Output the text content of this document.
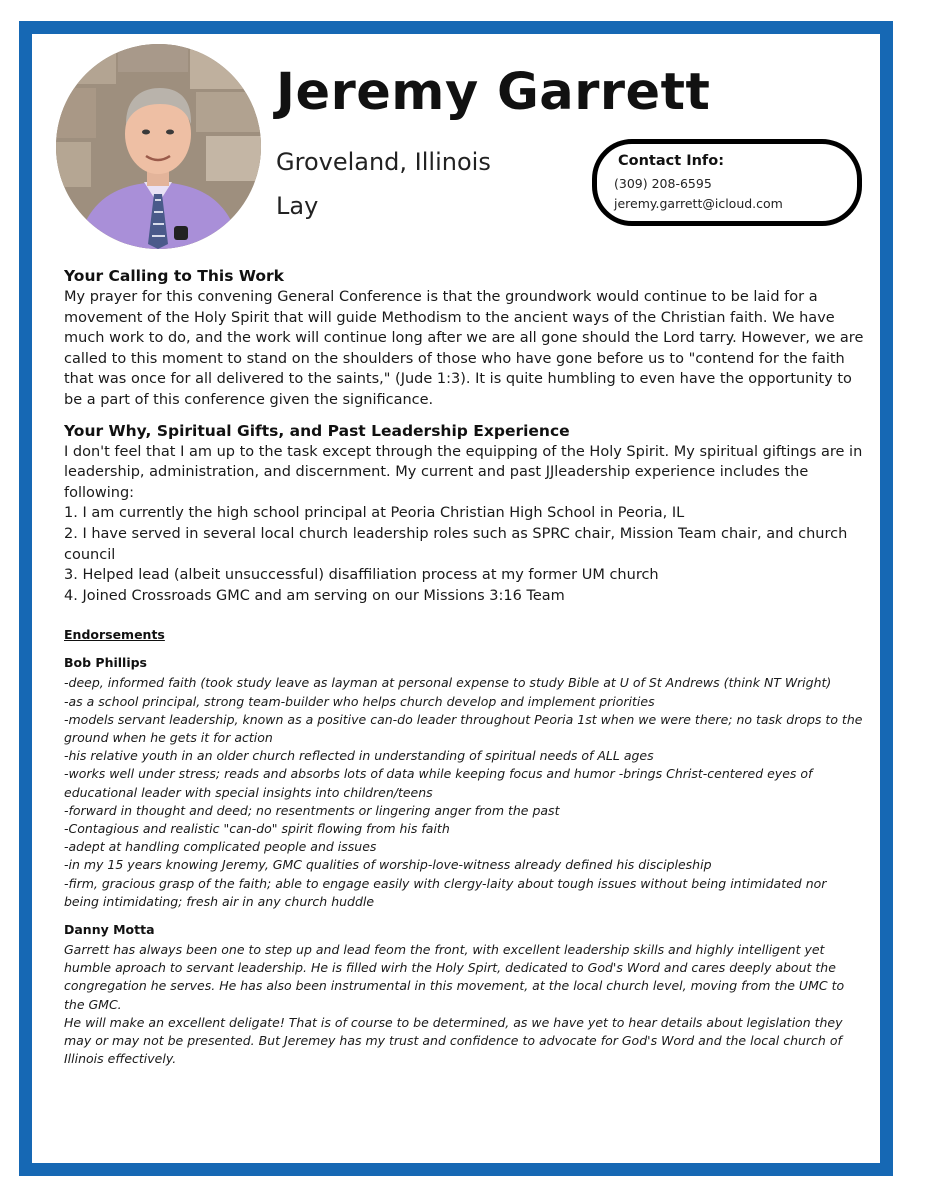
Jeremy Garrett
Groveland, Illinois
Lay
Contact Info:
(309) 208-6595
jeremy.garrett@icloud.com
Your Calling to This Work

My prayer for this convening General Conference is that the groundwork would continue to be laid for a movement of the Holy Spirit that will guide Methodism to the ancient ways of the Christian faith. We have much work to do, and the work will continue long after we are all gone should the Lord tarry. However, we are called to this moment to stand on the shoulders of those who have gone before us to "contend for the faith that was once for all delivered to the saints," (Jude 1:3). It is quite humbling to even have the opportunity to be a part of this conference given the significance.

Your Why, Spiritual Gifts, and Past Leadership Experience

I don't feel that I am up to the task except through the equipping of the Holy Spirit. My spiritual giftings are in leadership, administration, and discernment. My current and past JJleadership experience includes the following:

1. I am currently the high school principal at Peoria Christian High School in Peoria, IL

2. I have served in several local church leadership roles such as SPRC chair, Mission Team chair, and church council

3. Helped lead (albeit unsuccessful) disaffiliation process at my former UM church

4. Joined Crossroads GMC and am serving on our Missions 3:16 Team

Endorsements
Bob Phillips

-deep, informed faith (took study leave as layman at personal expense to study Bible at U of St Andrews (think NT Wright)

-as a school principal, strong team-builder who helps church develop and implement priorities

-models servant leadership, known as a positive can-do leader throughout Peoria 1st when we were there; no task drops to the ground when he gets it for action

-his relative youth in an older church reflected in understanding of spiritual needs of ALL ages

-works well under stress; reads and absorbs lots of data while keeping focus and humor -brings Christ-centered eyes of educational leader with special insights into children/teens

-forward in thought and deed; no resentments or lingering anger from the past

-Contagious and realistic "can-do" spirit flowing from his faith

-adept at handling complicated people and issues

-in my 15 years knowing Jeremy, GMC qualities of worship-love-witness already defined his discipleship

-firm, gracious grasp of the faith; able to engage easily with clergy-laity about tough issues without being intimidated nor being intimidating; fresh air in any church huddle

Danny Motta

Garrett has always been one to step up and lead feom the front, with excellent leadership skills and highly intelligent yet humble aproach to servant leadership. He is filled wirh the Holy Spirt, dedicated to God's Word and cares deeply about the congregation he serves. He has also been instrumental in this movement, at the local church level, moving from the UMC to the GMC.

He will make an excellent deligate! That is of course to be determined, as we have yet to hear details about legislation they may or may not be presented. But Jeremey has my trust and confidence to advocate for God's Word and the local church of Illinois effectively.
